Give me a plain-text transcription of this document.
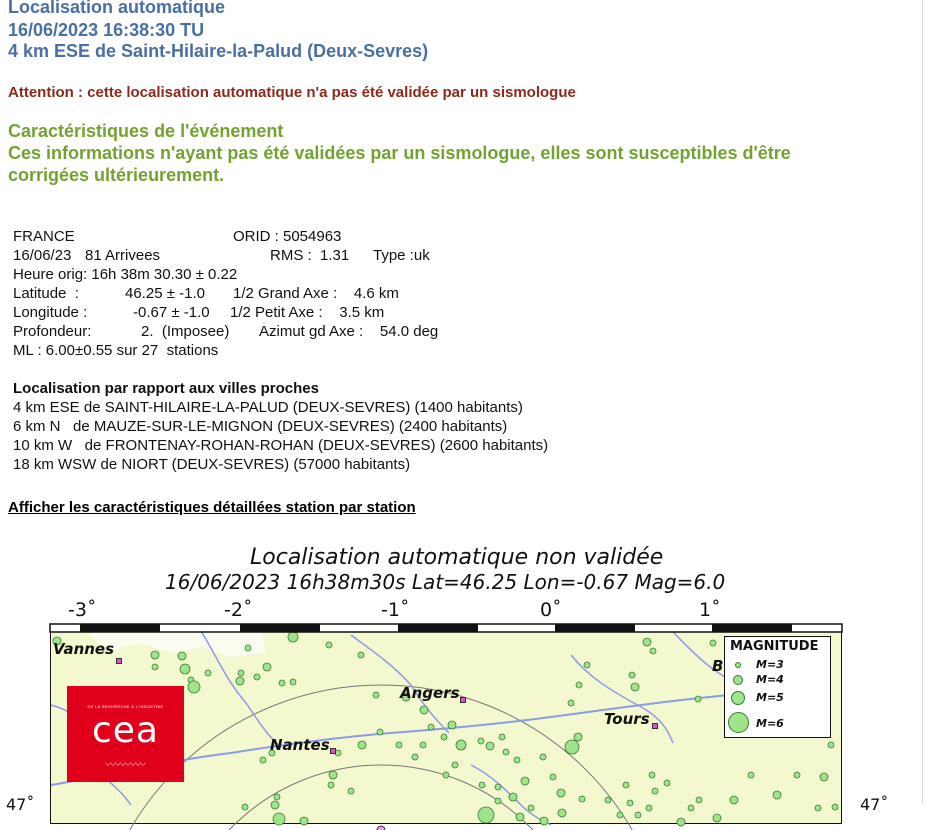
Localisation automatique
16/06/2023 16:38:30 TU
4 km ESE de Saint-Hilaire-la-Palud (Deux-Sevres)
Attention : cette localisation automatique n'a pas été validée par un sismologue
Caractéristiques de l'événement
Ces informations n'ayant pas été validées par un sismologue, elles sont susceptibles d'être
corrigées ultérieurement.
FRANCE	ORID : 5054963
16/06/23 81 Arrivees	RMS :  1.31 Type :uk
Heure orig: 16h 38m 30.30 ± 0.22
Latitude  :	46.25 ± -1.0 1/2 Grand Axe :    4.6 km
Longitude :	-0.67 ± -1.0 1/2 Petit Axe :    3.5 km
Profondeur:	2.  (Imposee) Azimut gd Axe :    54.0 deg
ML : 6.00±0.55 sur 27  stations
Localisation par rapport aux villes proches
4 km ESE de SAINT-HILAIRE-LA-PALUD (DEUX-SEVRES) (1400 habitants)
6 km N   de MAUZE-SUR-LE-MIGNON (DEUX-SEVRES) (2400 habitants)
10 km W   de FRONTENAY-ROHAN-ROHAN (DEUX-SEVRES) (2600 habitants)
18 km WSW de NIORT (DEUX-SEVRES) (57000 habitants)
Afficher les caractéristiques détaillées station par station
Localisation automatique non validée
16/06/2023 16h38m30s Lat=46.25 Lon=-0.67 Mag=6.0
-3˚	-2˚	-1˚	0˚	1˚
47˚	47˚
Vannes
Angers
Tours
Nantes
B
MAGNITUDE
M=3
M=4
M=5
M=6
DE LA RECHERCHE À L'INDUSTRIE
cea
〰〰〰〰
